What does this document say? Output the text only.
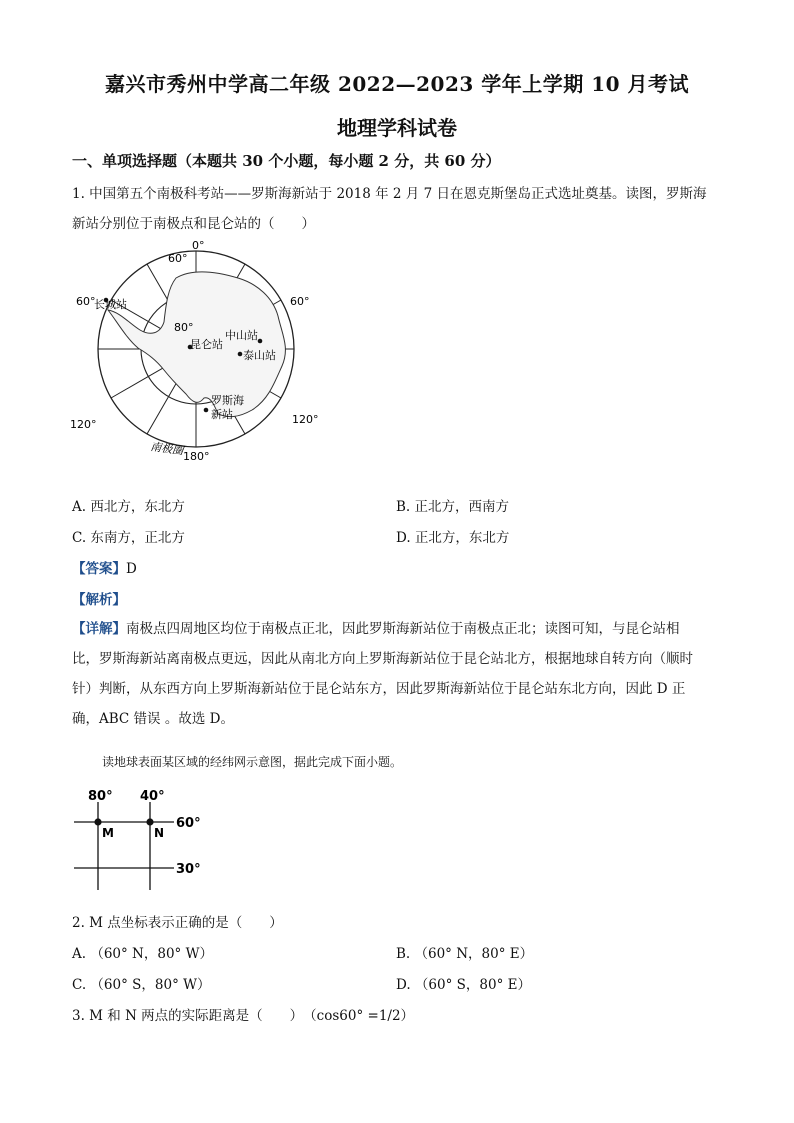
嘉兴市秀州中学高二年级 2022—2023 学年上学期 10 月考试
地理学科试卷
一、单项选择题（本题共 30 个小题，每小题 2 分，共 60 分）
1. 中国第五个南极科考站——罗斯海新站于 2018 年 2 月 7 日在恩克斯堡岛正式选址奠基。读图，罗斯海
新站分别位于南极点和昆仑站的（　　）
0°
60°
60°	60°
80°
120°	120°
180°
长城站
昆仑站
中山站
泰山站
罗斯海
新站
南极圈
A. 西北方，东北方	B. 正北方，西南方
C. 东南方，正北方	D. 正北方，东北方
【答案】D
【解析】
【详解】南极点四周地区均位于南极点正北，因此罗斯海新站位于南极点正北；读图可知，与昆仑站相
比，罗斯海新站离南极点更远，因此从南北方向上罗斯海新站位于昆仑站北方，根据地球自转方向（顺时
针）判断，从东西方向上罗斯海新站位于昆仑站东方，因此罗斯海新站位于昆仑站东北方向，因此 D 正
确，ABC 错误 。故选 D。
读地球表面某区域的经纬网示意图，据此完成下面小题。
80° 40°
60°
30°
M	N
2. M 点坐标表示正确的是（　　）
A. （60° N，80° W）	B. （60° N，80° E）
C. （60° S，80° W）	D. （60° S，80° E）
3. M 和 N 两点的实际距离是（　　）　（cos60° =1/2）
